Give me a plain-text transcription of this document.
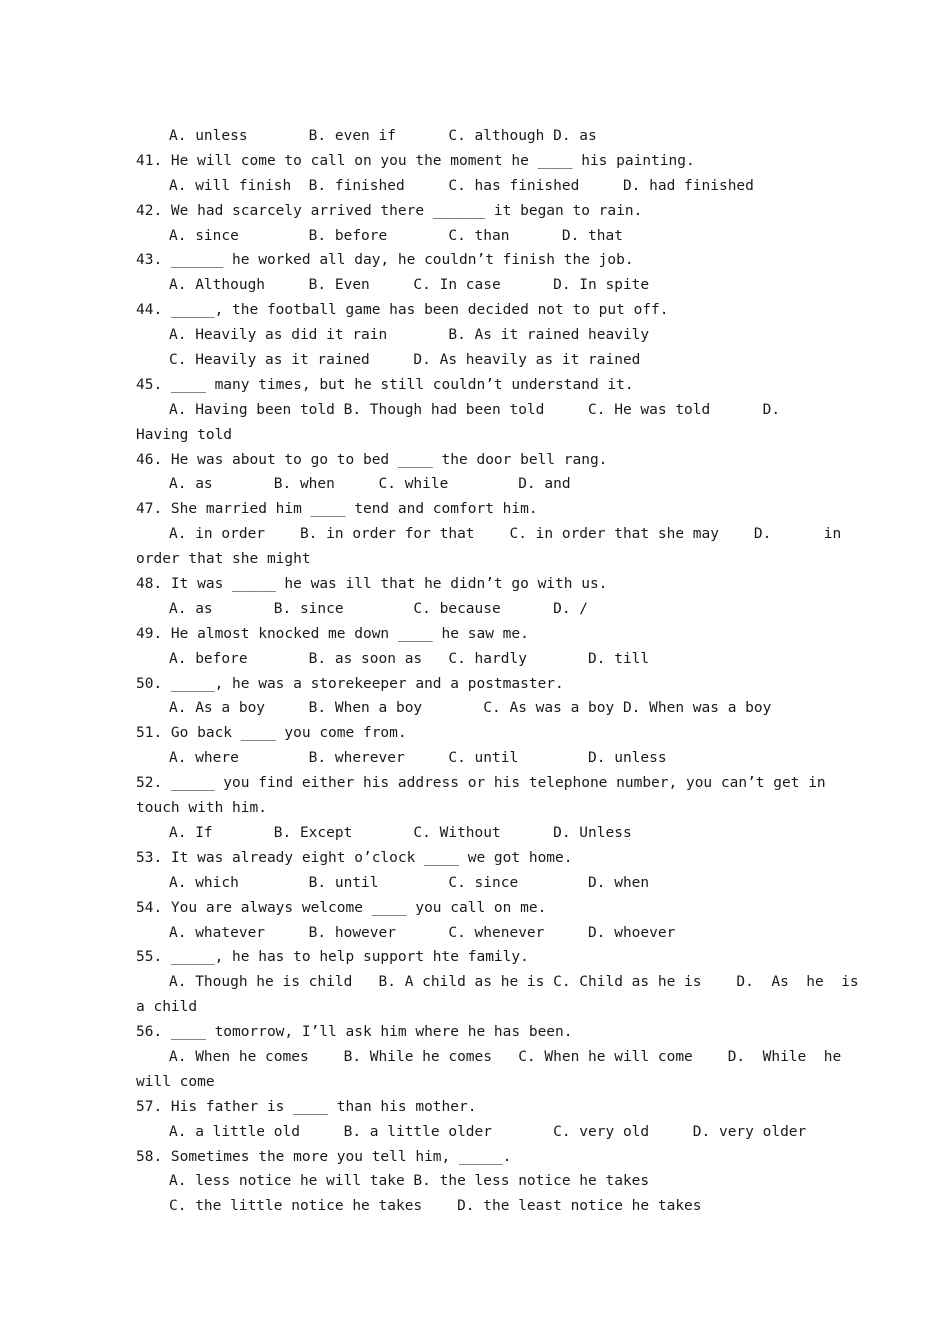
A. unless       B. even if      C. although D. as
41. He will come to call on you the moment he ____ his painting.
A. will finish  B. finished     C. has finished     D. had finished
42. We had scarcely arrived there ______ it began to rain.
A. since        B. before       C. than      D. that
43. ______ he worked all day, he couldn’t finish the job.
A. Although     B. Even     C. In case      D. In spite
44. _____, the football game has been decided not to put off.
A. Heavily as did it rain       B. As it rained heavily
C. Heavily as it rained     D. As heavily as it rained
45. ____ many times, but he still couldn’t understand it.
A. Having been told B. Though had been told     C. He was told      D.
Having told
46. He was about to go to bed ____ the door bell rang.
A. as       B. when     C. while        D. and
47. She married him ____ tend and comfort him.
A. in order    B. in order for that    C. in order that she may    D.      in
order that she might
48. It was _____ he was ill that he didn’t go with us.
A. as       B. since        C. because      D. /
49. He almost knocked me down ____ he saw me.
A. before       B. as soon as   C. hardly       D. till
50. _____, he was a storekeeper and a postmaster.
A. As a boy     B. When a boy       C. As was a boy D. When was a boy
51. Go back ____ you come from.
A. where        B. wherever     C. until        D. unless
52. _____ you find either his address or his telephone number, you can’t get in
touch with him.
A. If       B. Except       C. Without      D. Unless
53. It was already eight o’clock ____ we got home.
A. which        B. until        C. since        D. when
54. You are always welcome ____ you call on me.
A. whatever     B. however      C. whenever     D. whoever
55. _____, he has to help support hte family.
A. Though he is child   B. A child as he is C. Child as he is    D.  As  he  is
a child
56. ____ tomorrow, I’ll ask him where he has been.
A. When he comes    B. While he comes   C. When he will come    D.  While  he
will come
57. His father is ____ than his mother.
A. a little old     B. a little older       C. very old     D. very older
58. Sometimes the more you tell him, _____.
A. less notice he will take B. the less notice he takes
C. the little notice he takes    D. the least notice he takes
